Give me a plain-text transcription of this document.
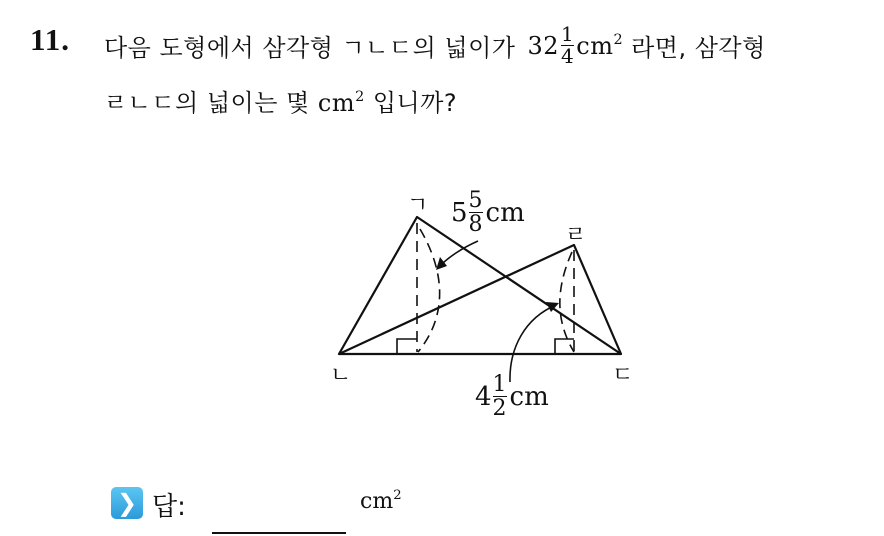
11. 다음 도형에서 삼각형 ㄱㄴㄷ의 넓이가 $32 \frac{1}{4} cm^2$ 라면, 삼각형
ㄹㄴㄷ의 넓이는 몇 $cm^2$ 입니까?
ㄱ
ㄹ
ㄴ	ㄷ
$5 \frac{5}{8}$ cm
$4 \frac{1}{2}$ cm
❯ 답:	$cm^2$
